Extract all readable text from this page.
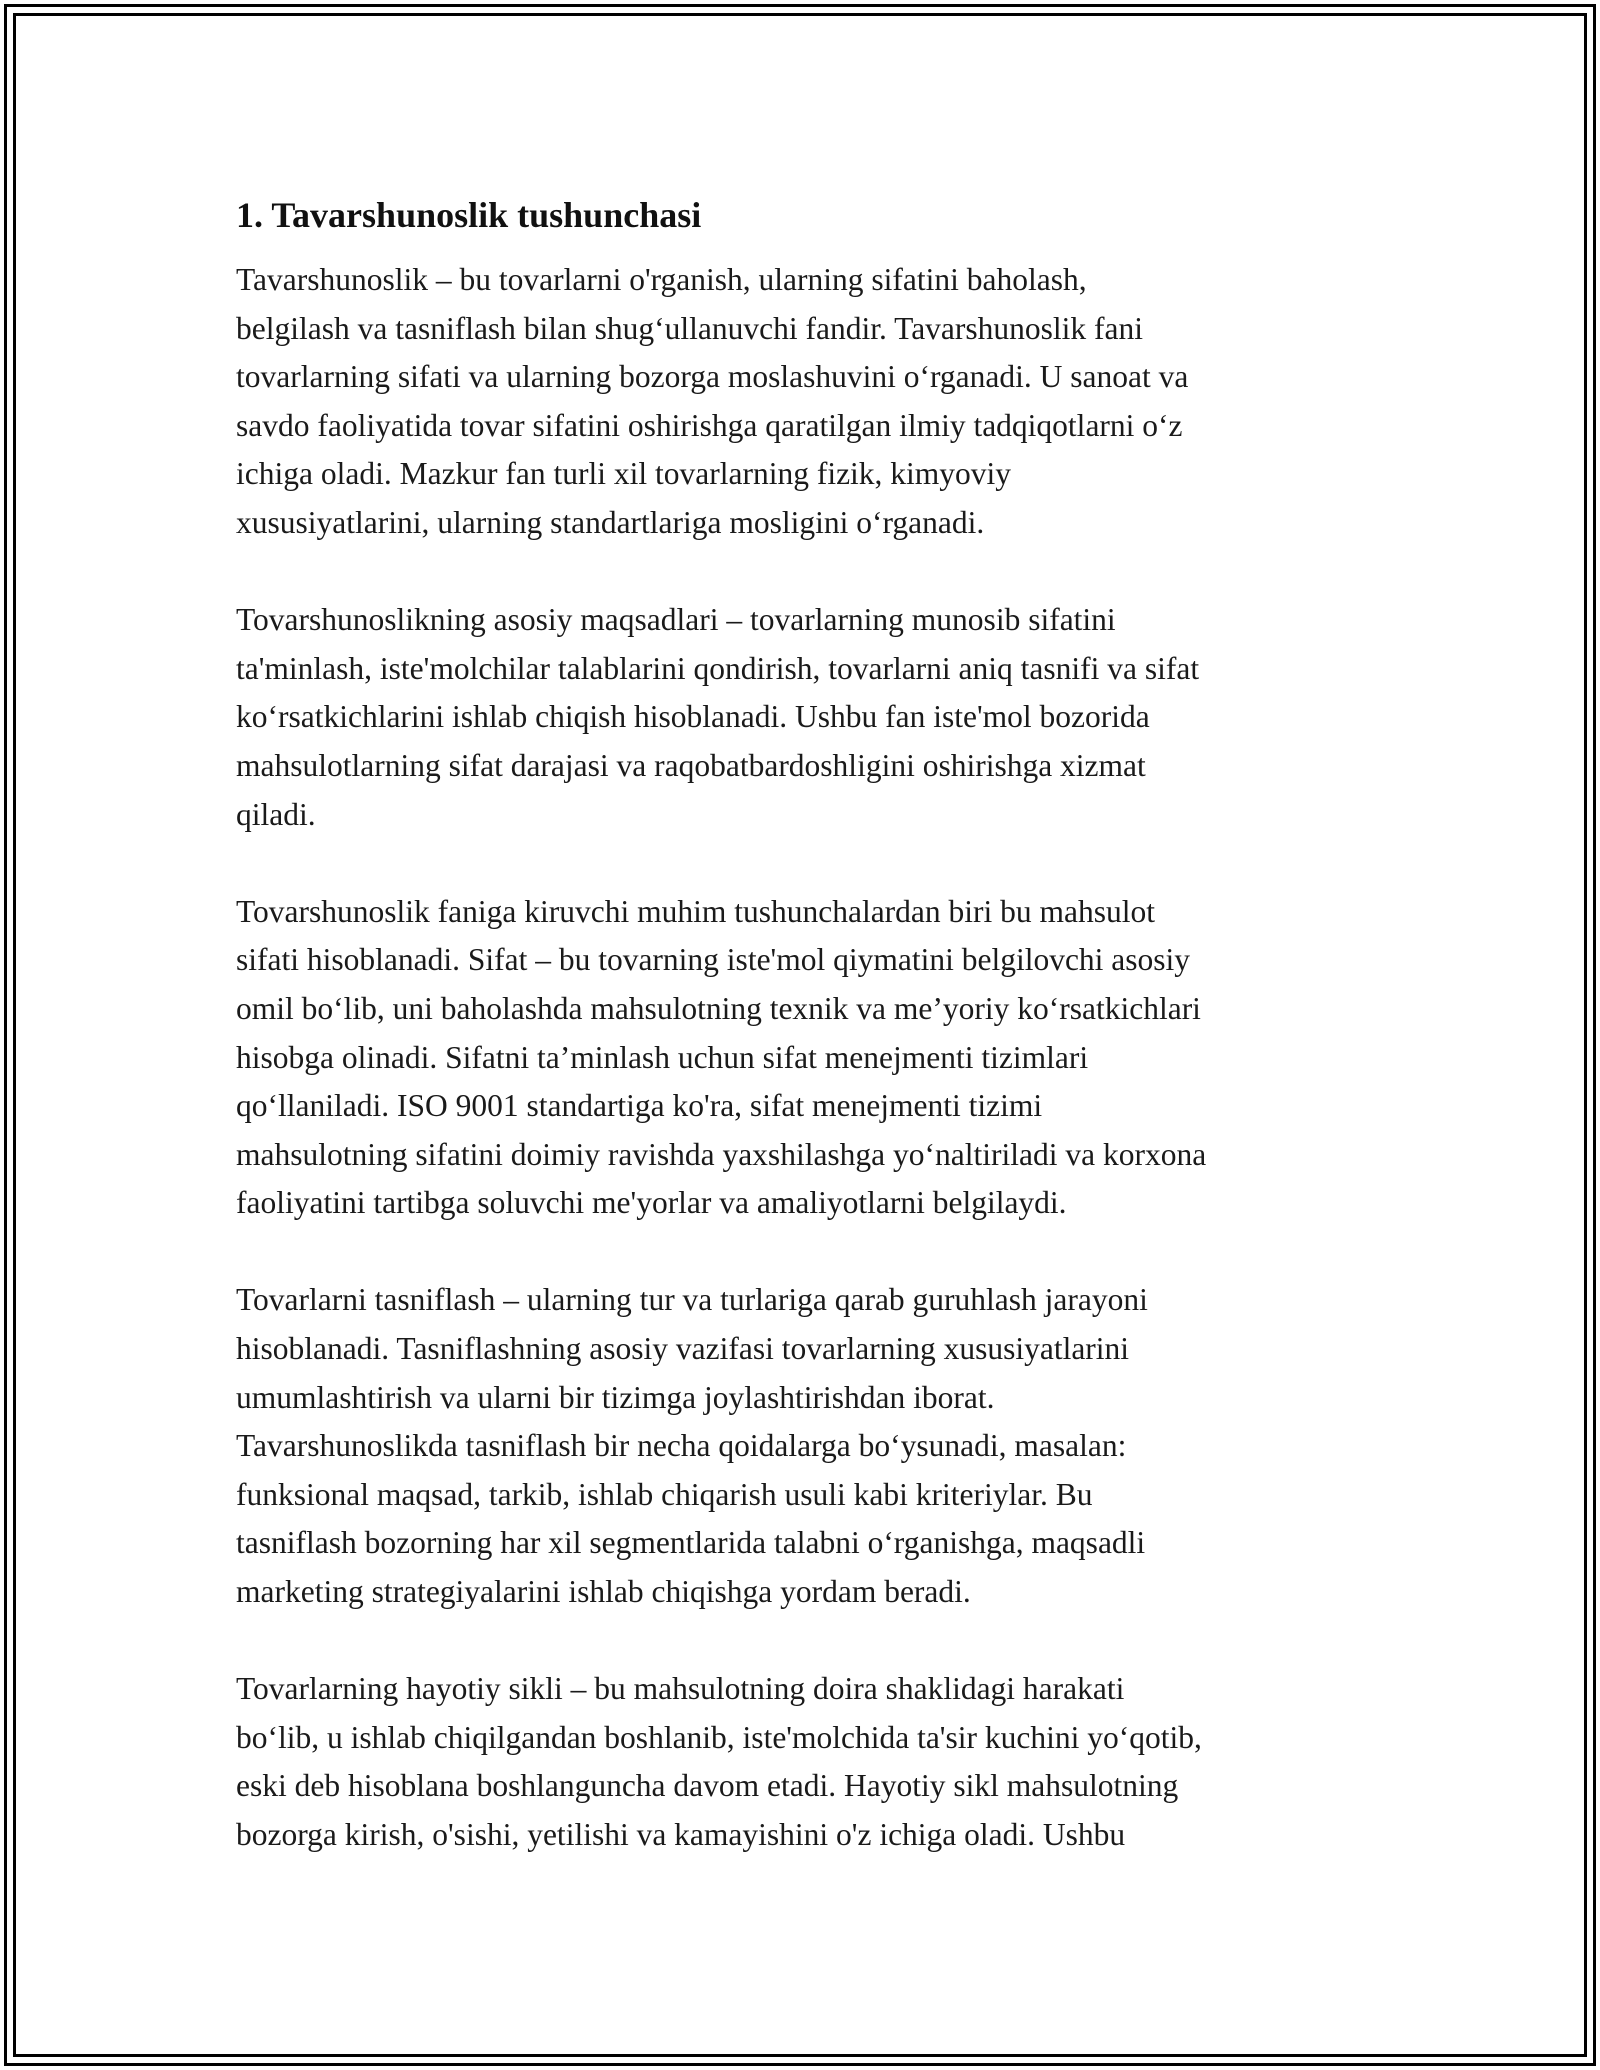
1. Tavarshunoslik tushunchasi

Tavarshunoslik – bu tovarlarni o'rganish, ularning sifatini baholash,
belgilash va tasniflash bilan shug‘ullanuvchi fandir. Tavarshunoslik fani
tovarlarning sifati va ularning bozorga moslashuvini o‘rganadi. U sanoat va
savdo faoliyatida tovar sifatini oshirishga qaratilgan ilmiy tadqiqotlarni o‘z
ichiga oladi. Mazkur fan turli xil tovarlarning fizik, kimyoviy
xususiyatlarini, ularning standartlariga mosligini o‘rganadi.

Tovarshunoslikning asosiy maqsadlari – tovarlarning munosib sifatini
ta'minlash, iste'molchilar talablarini qondirish, tovarlarni aniq tasnifi va sifat
ko‘rsatkichlarini ishlab chiqish hisoblanadi. Ushbu fan iste'mol bozorida
mahsulotlarning sifat darajasi va raqobatbardoshligini oshirishga xizmat
qiladi.

Tovarshunoslik faniga kiruvchi muhim tushunchalardan biri bu mahsulot
sifati hisoblanadi. Sifat – bu tovarning iste'mol qiymatini belgilovchi asosiy
omil bo‘lib, uni baholashda mahsulotning texnik va me’yoriy ko‘rsatkichlari
hisobga olinadi. Sifatni ta’minlash uchun sifat menejmenti tizimlari
qo‘llaniladi. ISO 9001 standartiga ko'ra, sifat menejmenti tizimi
mahsulotning sifatini doimiy ravishda yaxshilashga yo‘naltiriladi va korxona
faoliyatini tartibga soluvchi me'yorlar va amaliyotlarni belgilaydi.

Tovarlarni tasniflash – ularning tur va turlariga qarab guruhlash jarayoni
hisoblanadi. Tasniflashning asosiy vazifasi tovarlarning xususiyatlarini
umumlashtirish va ularni bir tizimga joylashtirishdan iborat.
Tavarshunoslikda tasniflash bir necha qoidalarga bo‘ysunadi, masalan:
funksional maqsad, tarkib, ishlab chiqarish usuli kabi kriteriylar. Bu
tasniflash bozorning har xil segmentlarida talabni o‘rganishga, maqsadli
marketing strategiyalarini ishlab chiqishga yordam beradi.

Tovarlarning hayotiy sikli – bu mahsulotning doira shaklidagi harakati
bo‘lib, u ishlab chiqilgandan boshlanib, iste'molchida ta'sir kuchini yo‘qotib,
eski deb hisoblana boshlanguncha davom etadi. Hayotiy sikl mahsulotning
bozorga kirish, o'sishi, yetilishi va kamayishini o'z ichiga oladi. Ushbu
